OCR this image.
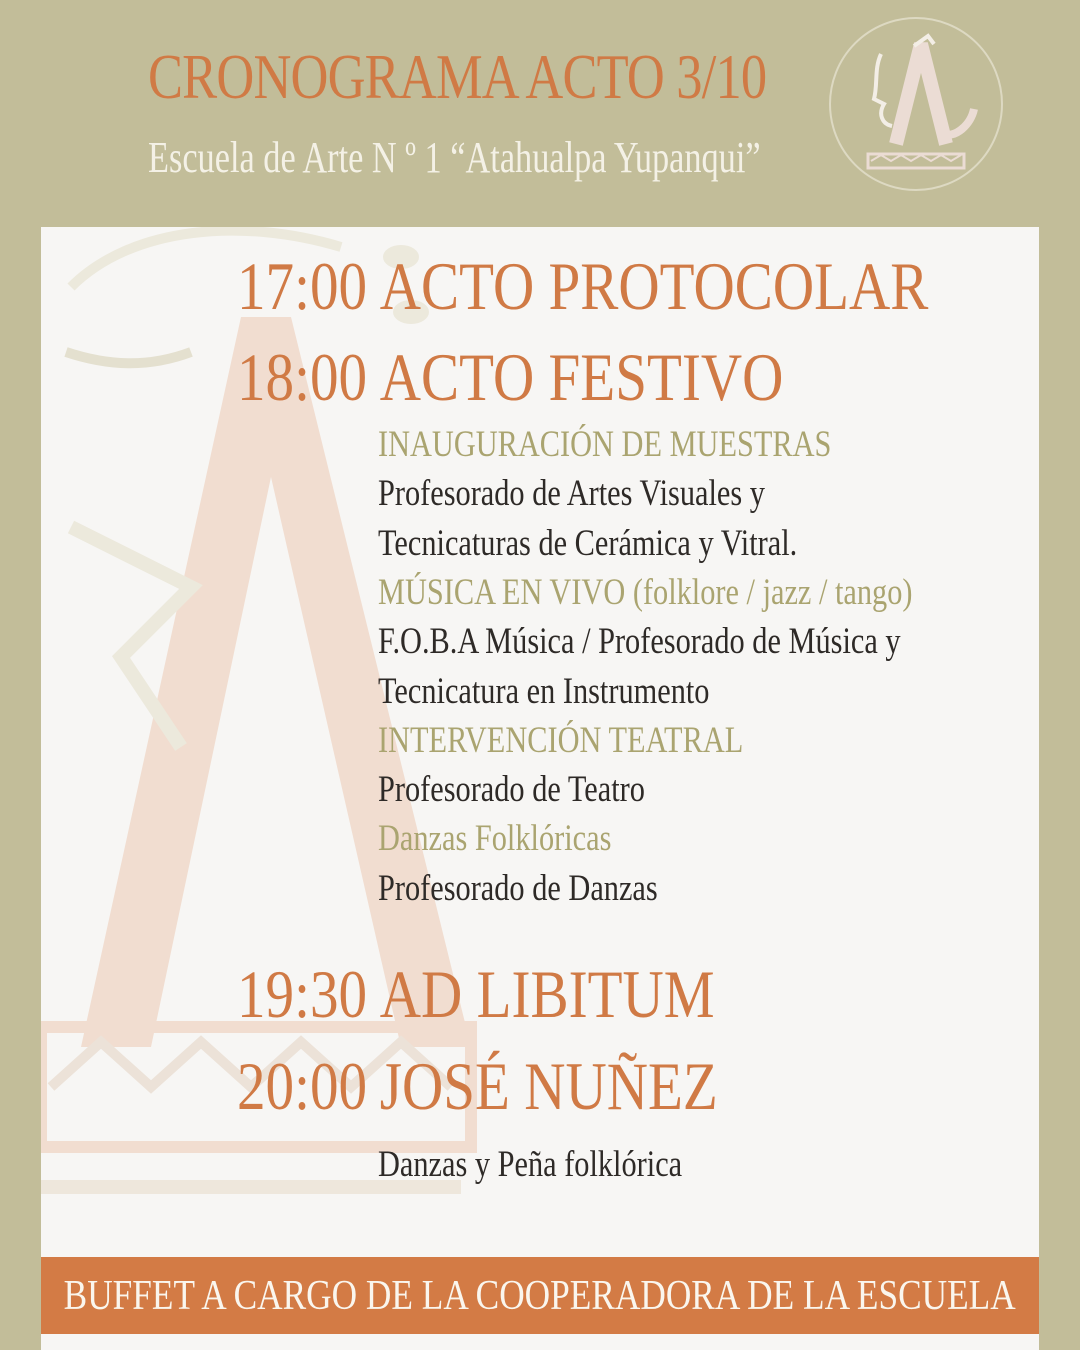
CRONOGRAMA ACTO 3/10
Escuela de Arte N º 1 “Atahualpa Yupanqui”
17:00 ACTO PROTOCOLAR
18:00 ACTO FESTIVO
INAUGURACIÓN DE MUESTRAS
Profesorado de Artes Visuales y
Tecnicaturas de Cerámica y Vitral.
MÚSICA EN VIVO (folklore / jazz / tango)
F.O.B.A Música / Profesorado de Música y
Tecnicatura en Instrumento
INTERVENCIÓN TEATRAL
Profesorado de Teatro
Danzas Folklóricas
Profesorado de Danzas
19:30 AD LIBITUM
20:00 JOSÉ NUÑEZ
Danzas y Peña folklórica
BUFFET A CARGO DE LA COOPERADORA DE LA ESCUELA
